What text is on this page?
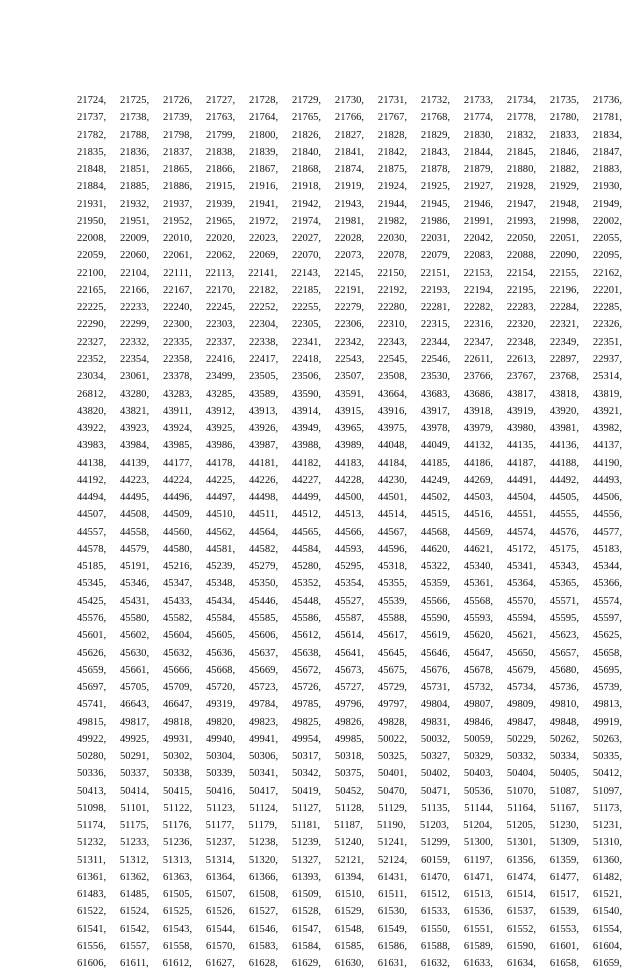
21724, 21725, 21726, 21727, 21728, 21729, 21730, 21731, 21732, 21733, 21734, 21735, 21736,
21737, 21738, 21739, 21763, 21764, 21765, 21766, 21767, 21768, 21774, 21778, 21780, 21781,
21782, 21788, 21798, 21799, 21800, 21826, 21827, 21828, 21829, 21830, 21832, 21833, 21834,
21835, 21836, 21837, 21838, 21839, 21840, 21841, 21842, 21843, 21844, 21845, 21846, 21847,
21848, 21851, 21865, 21866, 21867, 21868, 21874, 21875, 21878, 21879, 21880, 21882, 21883,
21884, 21885, 21886, 21915, 21916, 21918, 21919, 21924, 21925, 21927, 21928, 21929, 21930,
21931, 21932, 21937, 21939, 21941, 21942, 21943, 21944, 21945, 21946, 21947, 21948, 21949,
21950, 21951, 21952, 21965, 21972, 21974, 21981, 21982, 21986, 21991, 21993, 21998, 22002,
22008, 22009, 22010, 22020, 22023, 22027, 22028, 22030, 22031, 22042, 22050, 22051, 22055,
22059, 22060, 22061, 22062, 22069, 22070, 22073, 22078, 22079, 22083, 22088, 22090, 22095,
22100, 22104, 22111, 22113, 22141, 22143, 22145, 22150, 22151, 22153, 22154, 22155, 22162,
22165, 22166, 22167, 22170, 22182, 22185, 22191, 22192, 22193, 22194, 22195, 22196, 22201,
22225, 22233, 22240, 22245, 22252, 22255, 22279, 22280, 22281, 22282, 22283, 22284, 22285,
22290, 22299, 22300, 22303, 22304, 22305, 22306, 22310, 22315, 22316, 22320, 22321, 22326,
22327, 22332, 22335, 22337, 22338, 22341, 22342, 22343, 22344, 22347, 22348, 22349, 22351,
22352, 22354, 22358, 22416, 22417, 22418, 22543, 22545, 22546, 22611, 22613, 22897, 22937,
23034, 23061, 23378, 23499, 23505, 23506, 23507, 23508, 23530, 23766, 23767, 23768, 25314,
26812, 43280, 43283, 43285, 43589, 43590, 43591, 43664, 43683, 43686, 43817, 43818, 43819,
43820, 43821, 43911, 43912, 43913, 43914, 43915, 43916, 43917, 43918, 43919, 43920, 43921,
43922, 43923, 43924, 43925, 43926, 43949, 43965, 43975, 43978, 43979, 43980, 43981, 43982,
43983, 43984, 43985, 43986, 43987, 43988, 43989, 44048, 44049, 44132, 44135, 44136, 44137,
44138, 44139, 44177, 44178, 44181, 44182, 44183, 44184, 44185, 44186, 44187, 44188, 44190,
44192, 44223, 44224, 44225, 44226, 44227, 44228, 44230, 44249, 44269, 44491, 44492, 44493,
44494, 44495, 44496, 44497, 44498, 44499, 44500, 44501, 44502, 44503, 44504, 44505, 44506,
44507, 44508, 44509, 44510, 44511, 44512, 44513, 44514, 44515, 44516, 44551, 44555, 44556,
44557, 44558, 44560, 44562, 44564, 44565, 44566, 44567, 44568, 44569, 44574, 44576, 44577,
44578, 44579, 44580, 44581, 44582, 44584, 44593, 44596, 44620, 44621, 45172, 45175, 45183,
45185, 45191, 45216, 45239, 45279, 45280, 45295, 45318, 45322, 45340, 45341, 45343, 45344,
45345, 45346, 45347, 45348, 45350, 45352, 45354, 45355, 45359, 45361, 45364, 45365, 45366,
45425, 45431, 45433, 45434, 45446, 45448, 45527, 45539, 45566, 45568, 45570, 45571, 45574,
45576, 45580, 45582, 45584, 45585, 45586, 45587, 45588, 45590, 45593, 45594, 45595, 45597,
45601, 45602, 45604, 45605, 45606, 45612, 45614, 45617, 45619, 45620, 45621, 45623, 45625,
45626, 45630, 45632, 45636, 45637, 45638, 45641, 45645, 45646, 45647, 45650, 45657, 45658,
45659, 45661, 45666, 45668, 45669, 45672, 45673, 45675, 45676, 45678, 45679, 45680, 45695,
45697, 45705, 45709, 45720, 45723, 45726, 45727, 45729, 45731, 45732, 45734, 45736, 45739,
45741, 46643, 46647, 49319, 49784, 49785, 49796, 49797, 49804, 49807, 49809, 49810, 49813,
49815, 49817, 49818, 49820, 49823, 49825, 49826, 49828, 49831, 49846, 49847, 49848, 49919,
49922, 49925, 49931, 49940, 49941, 49954, 49985, 50022, 50032, 50059, 50229, 50262, 50263,
50280, 50291, 50302, 50304, 50306, 50317, 50318, 50325, 50327, 50329, 50332, 50334, 50335,
50336, 50337, 50338, 50339, 50341, 50342, 50375, 50401, 50402, 50403, 50404, 50405, 50412,
50413, 50414, 50415, 50416, 50417, 50419, 50452, 50470, 50471, 50536, 51070, 51087, 51097,
51098, 51101, 51122, 51123, 51124, 51127, 51128, 51129, 51135, 51144, 51164, 51167, 51173,
51174, 51175, 51176, 51177, 51179, 51181, 51187, 51190, 51203, 51204, 51205, 51230, 51231,
51232, 51233, 51236, 51237, 51238, 51239, 51240, 51241, 51299, 51300, 51301, 51309, 51310,
51311, 51312, 51313, 51314, 51320, 51327, 52121, 52124, 60159, 61197, 61356, 61359, 61360,
61361, 61362, 61363, 61364, 61366, 61393, 61394, 61431, 61470, 61471, 61474, 61477, 61482,
61483, 61485, 61505, 61507, 61508, 61509, 61510, 61511, 61512, 61513, 61514, 61517, 61521,
61522, 61524, 61525, 61526, 61527, 61528, 61529, 61530, 61533, 61536, 61537, 61539, 61540,
61541, 61542, 61543, 61544, 61546, 61547, 61548, 61549, 61550, 61551, 61552, 61553, 61554,
61556, 61557, 61558, 61570, 61583, 61584, 61585, 61586, 61588, 61589, 61590, 61601, 61604,
61606, 61611, 61612, 61627, 61628, 61629, 61630, 61631, 61632, 61633, 61634, 61658, 61659,
